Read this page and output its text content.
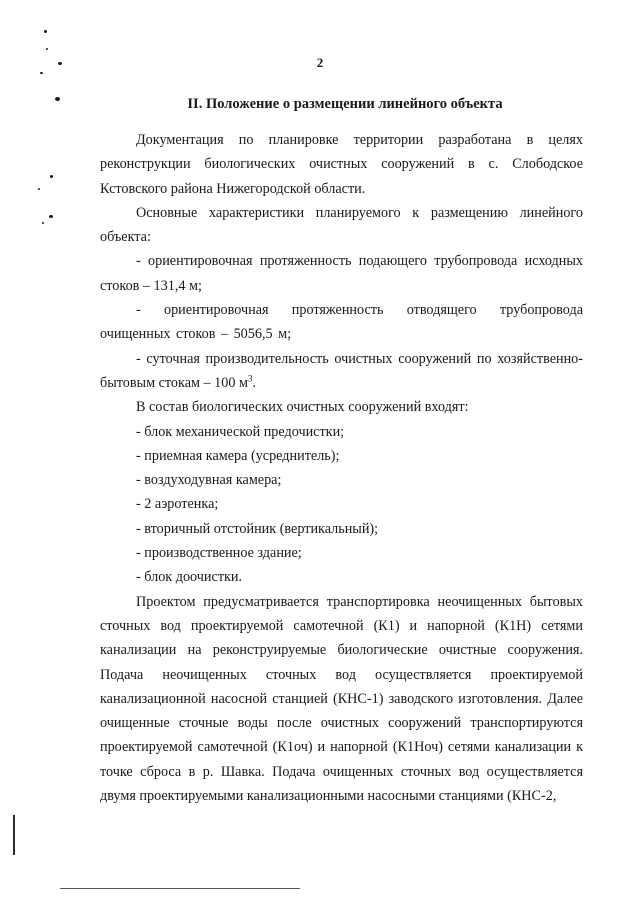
2
II. Положение о размещении линейного объекта

Документация по планировке территории разработана в целях реконструкции биологических очистных сооружений в с. Слободское Кстовского района Нижегородской области.

Основные характеристики планируемого к размещению линейного объекта:

- ориентировочная протяженность подающего трубопровода исходных стоков – 131,4 м;

- ориентировочная протяженность отводящего трубопровода очищенных стоков – 5056,5 м;

- суточная производительность очистных сооружений по хозяйственно-бытовым стокам – 100 $м^3$.

В состав биологических очистных сооружений входят:

- блок механической предочистки;

- приемная камера (усреднитель);

- воздуходувная камера;

- 2 аэротенка;

- вторичный отстойник (вертикальный);

- производственное здание;

- блок доочистки.

Проектом предусматривается транспортировка неочищенных бытовых сточных вод проектируемой самотечной (К1) и напорной (К1Н) сетями канализации на реконструируемые биологические очистные сооружения. Подача неочищенных сточных вод осуществляется проектируемой канализационной насосной станцией (КНС-1) заводского изготовления. Далее очищенные сточные воды после очистных сооружений транспортируются проектируемой самотечной (К1оч) и напорной (К1Ноч) сетями канализации к точке сброса в р. Шавка. Подача очищенных сточных вод осуществляется двумя проектируемыми канализационными насосными станциями (КНС-2,
